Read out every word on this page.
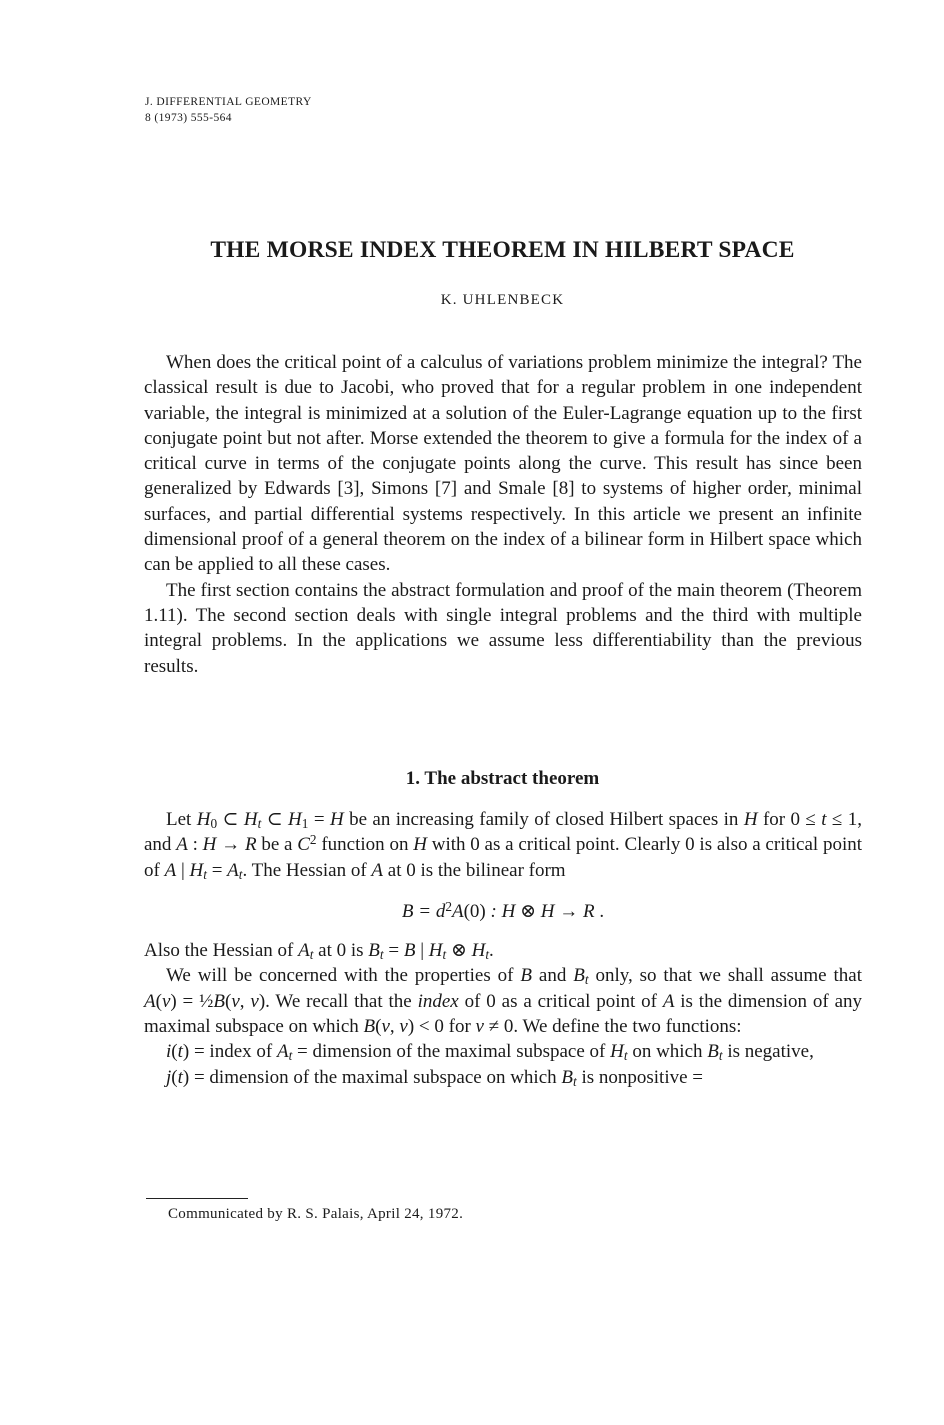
J. DIFFERENTIAL GEOMETRY
8 (1973) 555-564
THE MORSE INDEX THEOREM IN HILBERT SPACE
K. UHLENBECK

When does the critical point of a calculus of variations problem minimize the integral? The classical result is due to Jacobi, who proved that for a regular problem in one independent variable, the integral is minimized at a solution of the Euler-Lagrange equation up to the first conjugate point but not after. Morse extended the theorem to give a formula for the index of a critical curve in terms of the conjugate points along the curve. This result has since been generalized by Edwards [3], Simons [7] and Smale [8] to systems of higher order, minimal surfaces, and partial differential systems respectively. In this article we present an infinite dimensional proof of a general theorem on the index of a bilinear form in Hilbert space which can be applied to all these cases.

The first section contains the abstract formulation and proof of the main theorem (Theorem 1.11). The second section deals with single integral problems and the third with multiple integral problems. In the applications we assume less differentiability than the previous results.

1. The abstract theorem

Let $H_0$ ⊂ $H_t$ ⊂ $H_1 = H$ be an increasing family of closed Hilbert spaces in H for 0 ≤ t ≤ 1, and A : H → R be a $C^2$ function on H with 0 as a critical point. Clearly 0 is also a critical point of A | $H_t = A_t$. The Hessian of A at 0 is the bilinear form

$B = d^2A(0)$ : H ⊗ H → R .

Also the Hessian of $A_t$ at 0 is $B_t = B$ | $H_t$ ⊗ $H_t$.

We will be concerned with the properties of B and $B_t$ only, so that we shall assume that A(v) = ½B(v, v). We recall that the index of 0 as a critical point of A is the dimension of any maximal subspace on which B(v, v) < 0 for v ≠ 0. We define the two functions:

i(t) = index of $A_t$ = dimension of the maximal subspace of $H_t$ on which $B_t$ is negative,

j(t) = dimension of the maximal subspace on which $B_t$ is nonpositive =

Communicated by R. S. Palais, April 24, 1972.
